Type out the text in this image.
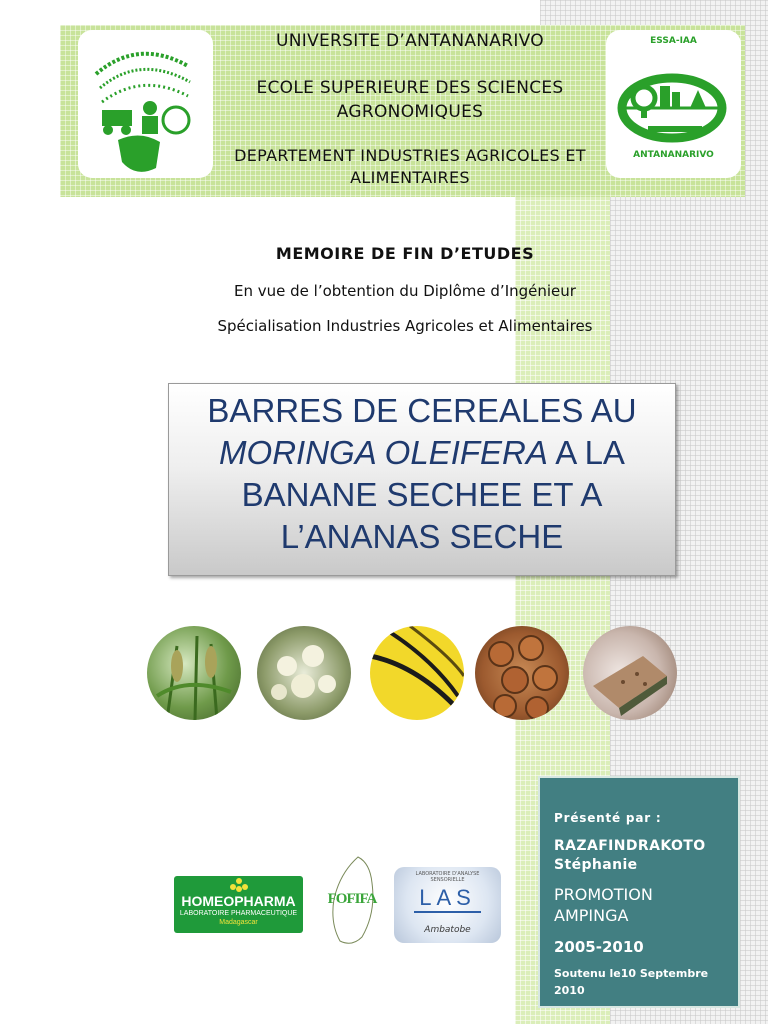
ESSA-IAA
ANTANANARIVO
UNIVERSITE D’ANTANANARIVO
ECOLE SUPERIEURE DES SCIENCES
AGRONOMIQUES
DEPARTEMENT INDUSTRIES AGRICOLES ET
ALIMENTAIRES
MEMOIRE DE FIN D’ETUDES
En vue de l’obtention du Diplôme d’Ingénieur
Spécialisation Industries Agricoles et Alimentaires
BARRES DE CEREALES AU
MORINGA OLEIFERA A LA
BANANE SECHEE ET A
L’ANANAS SECHE
Présenté par :
RAZAFINDRAKOTO
Stéphanie
PROMOTION
AMPINGA
2005-2010
Soutenu le10 Septembre
2010
HOMEOPHARMA
LABORATOIRE PHARMACEUTIQUE
Madagascar
FOFIFA
LABORATOIRE D'ANALYSE SENSORIELLE
LAS
Ambatobe
